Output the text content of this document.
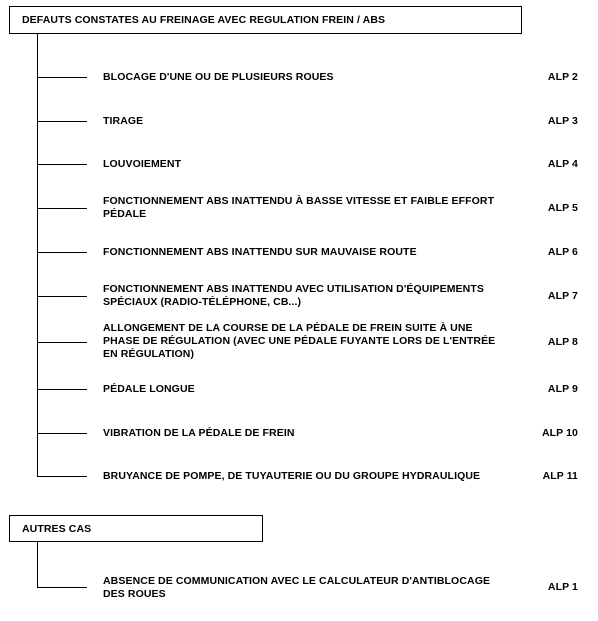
DEFAUTS CONSTATES AU FREINAGE AVEC REGULATION FREIN / ABS
BLOCAGE D'UNE OU DE PLUSIEURS ROUES	ALP 2
TIRAGE	ALP 3
LOUVOIEMENT	ALP 4
FONCTIONNEMENT ABS INATTENDU À BASSE VITESSE ET FAIBLE EFFORT
PÉDALE	ALP 5
FONCTIONNEMENT ABS INATTENDU SUR MAUVAISE ROUTE	ALP 6
FONCTIONNEMENT ABS INATTENDU AVEC UTILISATION D'ÉQUIPEMENTS
SPÉCIAUX (RADIO-TÉLÉPHONE, CB...)	ALP 7
ALLONGEMENT DE LA COURSE DE LA PÉDALE DE FREIN SUITE À UNE
PHASE DE RÉGULATION (AVEC UNE PÉDALE FUYANTE LORS DE L'ENTRÉE
EN RÉGULATION)
ALP 8
PÉDALE LONGUE	ALP 9
VIBRATION DE LA PÉDALE DE FREIN	ALP 10
BRUYANCE DE POMPE, DE TUYAUTERIE OU DU GROUPE HYDRAULIQUE	ALP 11
AUTRES CAS
ABSENCE DE COMMUNICATION AVEC LE CALCULATEUR D'ANTIBLOCAGE
DES ROUES
ALP 1
